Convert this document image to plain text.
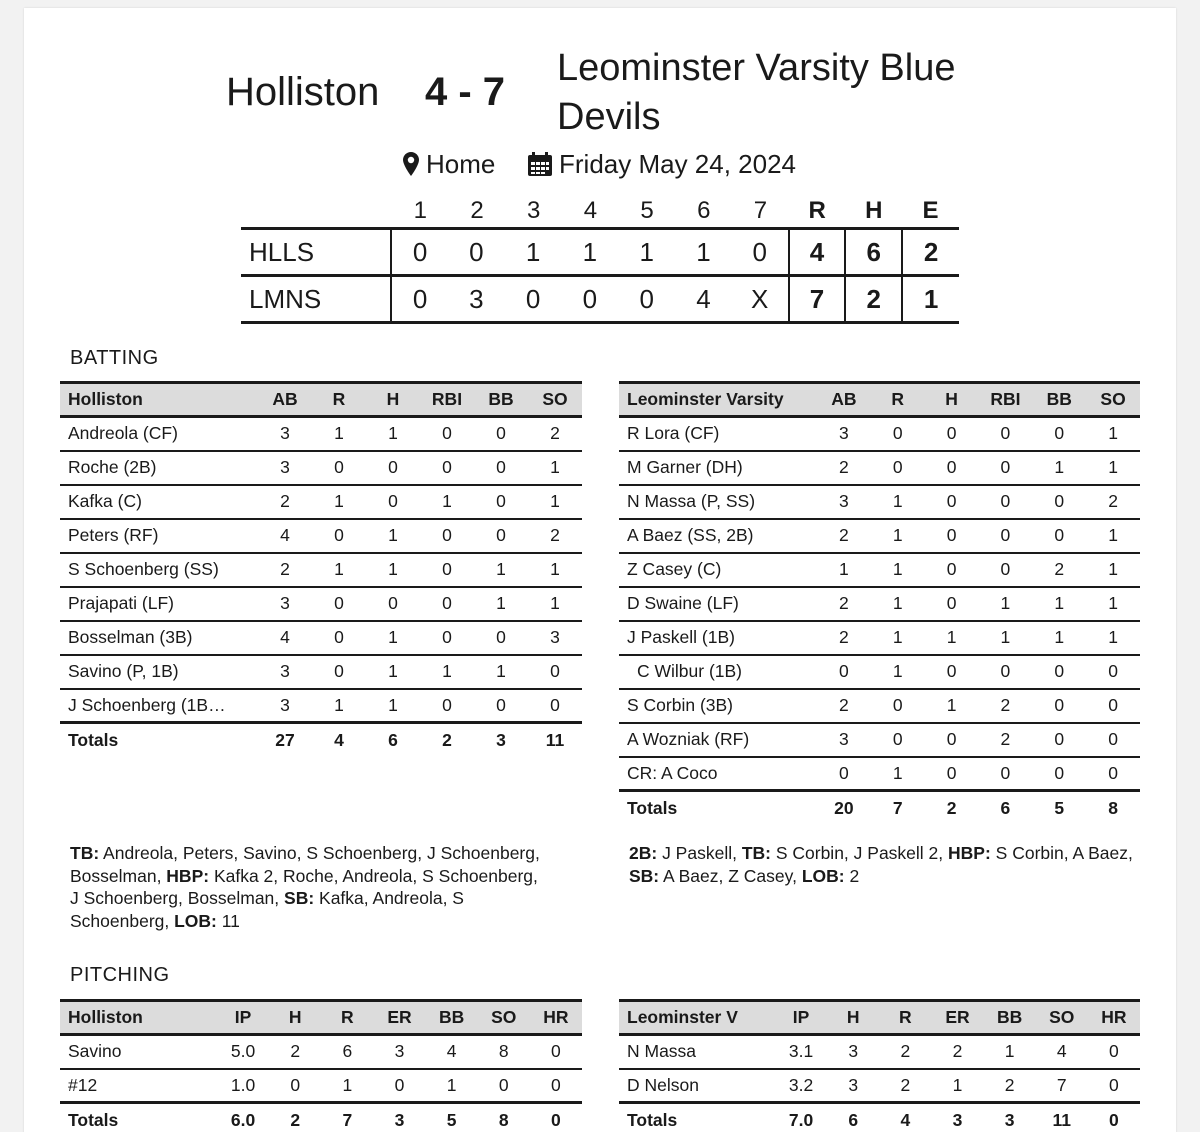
Holliston 4 - 7
Leominster Varsity Blue Devils
Home Friday May 24, 2024
1	2	3	4	5	6	7	R	H	E
HLLS	0	0	1	1	1	1	0	4	6	2
LMNS	0	3	0	0	0	4	X	7	2	1
BATTING
Holliston	AB	R	H	RBI	BB	SO
Andreola (CF)	3	1	1	0	0	2
Roche (2B)	3	0	0	0	0	1
Kafka (C)	2	1	0	1	0	1
Peters (RF)	4	0	1	0	0	2
S Schoenberg (SS)	2	1	1	0	1	1
Prajapati (LF)	3	0	0	0	1	1
Bosselman (3B)	4	0	1	0	0	3
Savino (P, 1B)	3	0	1	1	1	0
J Schoenberg (1B…	3	1	1	0	0	0
Totals	27	4	6	2	3	11
Leominster Varsity	AB	R	H	RBI	BB	SO
R Lora (CF)	3	0	0	0	0	1
M Garner (DH)	2	0	0	0	1	1
N Massa (P, SS)	3	1	0	0	0	2
A Baez (SS, 2B)	2	1	0	0	0	1
Z Casey (C)	1	1	0	0	2	1
D Swaine (LF)	2	1	0	1	1	1
J Paskell (1B)	2	1	1	1	1	1
C Wilbur (1B)	0	1	0	0	0	0
S Corbin (3B)	2	0	1	2	0	0
A Wozniak (RF)	3	0	0	2	0	0
CR: A Coco	0	1	0	0	0	0
Totals	20	7	2	6	5	8
TB: Andreola, Peters, Savino, S Schoenberg, J Schoenberg, Bosselman, HBP: Kafka 2, Roche, Andreola, S Schoenberg, J Schoenberg, Bosselman, SB: Kafka, Andreola, S Schoenberg, LOB: 11
2B: J Paskell, TB: S Corbin, J Paskell 2, HBP: S Corbin, A Baez, SB: A Baez, Z Casey, LOB: 2
PITCHING
Holliston	IP	H	R	ER	BB	SO	HR
Savino	5.0	2	6	3	4	8	0
#12	1.0	0	1	0	1	0	0
Totals	6.0	2	7	3	5	8	0
Leominster V	IP	H	R	ER	BB	SO	HR
N Massa	3.1	3	2	2	1	4	0
D Nelson	3.2	3	2	1	2	7	0
Totals	7.0	6	4	3	3	11	0
